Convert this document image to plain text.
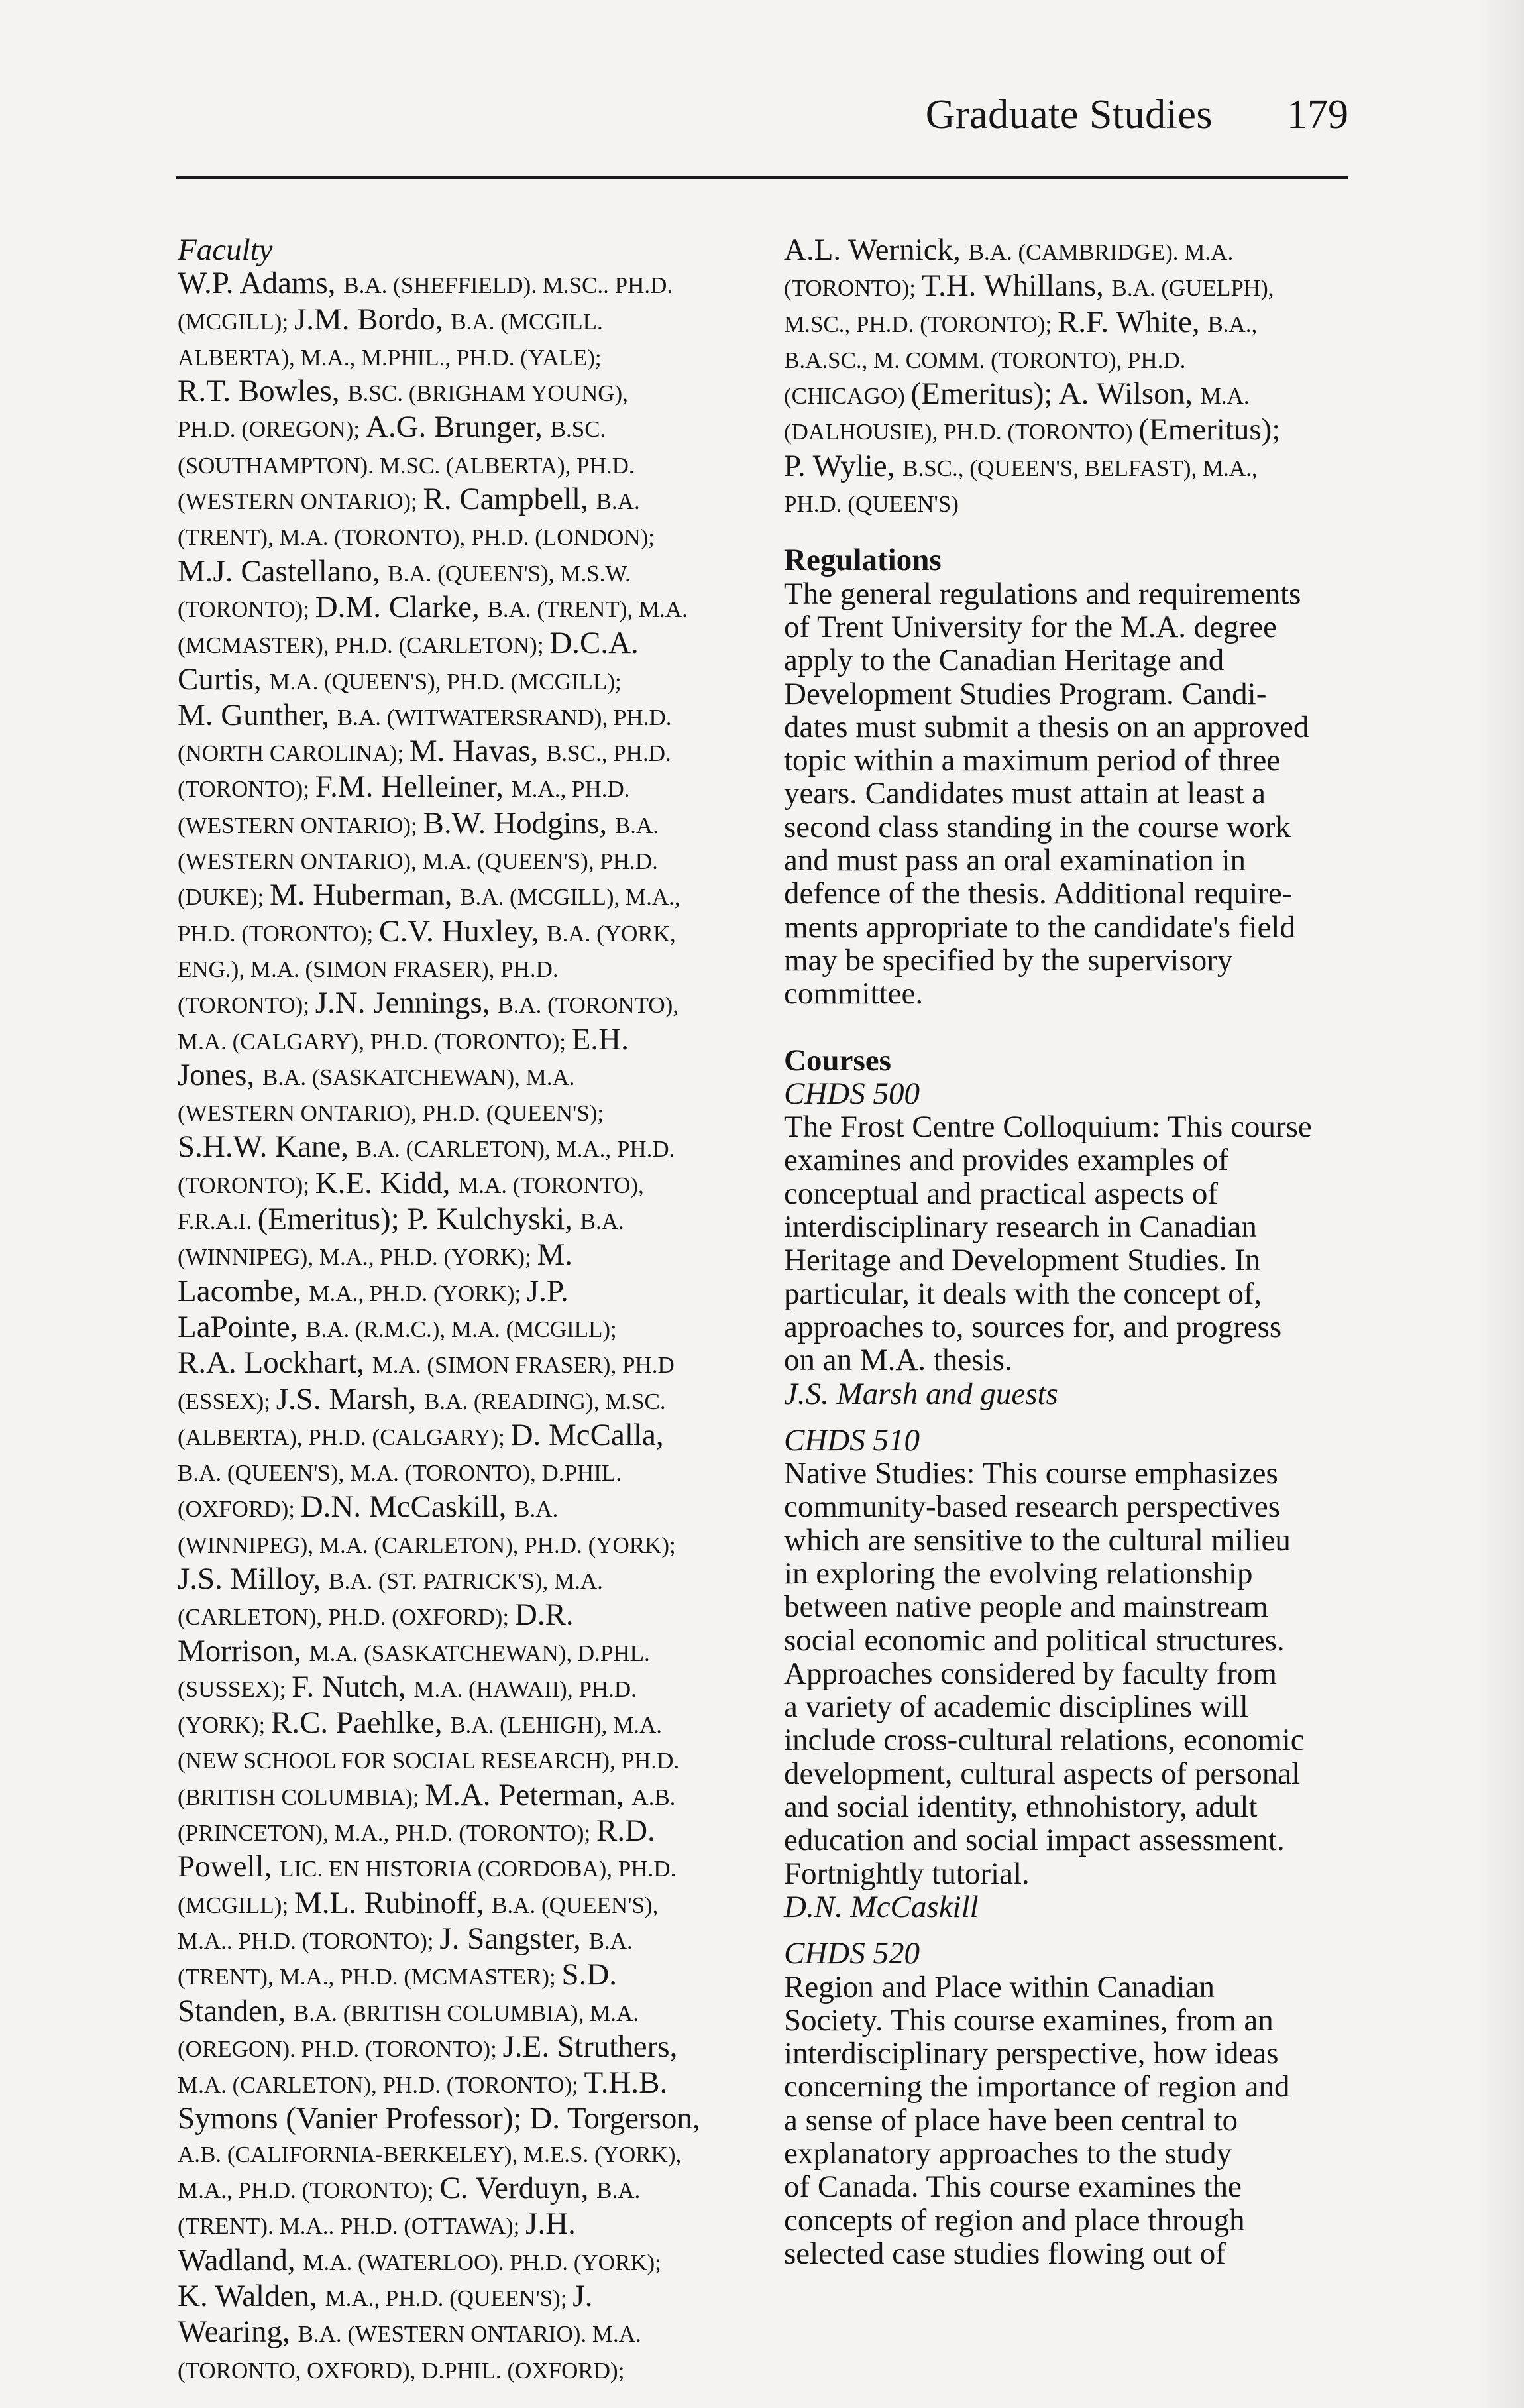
Graduate Studies 179

Faculty

W.P. Adams, B.A. (SHEFFIELD). M.SC.. PH.D.

(MCGILL); J.M. Bordo, B.A. (MCGILL.

ALBERTA), M.A., M.PHIL., PH.D. (YALE);

R.T. Bowles, B.SC. (BRIGHAM YOUNG),

PH.D. (OREGON); A.G. Brunger, B.SC.

(SOUTHAMPTON). M.SC. (ALBERTA), PH.D.

(WESTERN ONTARIO); R. Campbell, B.A.

(TRENT), M.A. (TORONTO), PH.D. (LONDON);

M.J. Castellano, B.A. (QUEEN'S), M.S.W.

(TORONTO); D.M. Clarke, B.A. (TRENT), M.A.

(MCMASTER), PH.D. (CARLETON); D.C.A.

Curtis, M.A. (QUEEN'S), PH.D. (MCGILL);

M. Gunther, B.A. (WITWATERSRAND), PH.D.

(NORTH CAROLINA); M. Havas, B.SC., PH.D.

(TORONTO); F.M. Helleiner, M.A., PH.D.

(WESTERN ONTARIO); B.W. Hodgins, B.A.

(WESTERN ONTARIO), M.A. (QUEEN'S), PH.D.

(DUKE); M. Huberman, B.A. (MCGILL), M.A.,

PH.D. (TORONTO); C.V. Huxley, B.A. (YORK,

ENG.), M.A. (SIMON FRASER), PH.D.

(TORONTO); J.N. Jennings, B.A. (TORONTO),

M.A. (CALGARY), PH.D. (TORONTO); E.H.

Jones, B.A. (SASKATCHEWAN), M.A.

(WESTERN ONTARIO), PH.D. (QUEEN'S);

S.H.W. Kane, B.A. (CARLETON), M.A., PH.D.

(TORONTO); K.E. Kidd, M.A. (TORONTO),

F.R.A.I. (Emeritus); P. Kulchyski, B.A.

(WINNIPEG), M.A., PH.D. (YORK); M.

Lacombe, M.A., PH.D. (YORK); J.P.

LaPointe, B.A. (R.M.C.), M.A. (MCGILL);

R.A. Lockhart, M.A. (SIMON FRASER), PH.D

(ESSEX); J.S. Marsh, B.A. (READING), M.SC.

(ALBERTA), PH.D. (CALGARY); D. McCalla,

B.A. (QUEEN'S), M.A. (TORONTO), D.PHIL.

(OXFORD); D.N. McCaskill, B.A.

(WINNIPEG), M.A. (CARLETON), PH.D. (YORK);

J.S. Milloy, B.A. (ST. PATRICK'S), M.A.

(CARLETON), PH.D. (OXFORD); D.R.

Morrison, M.A. (SASKATCHEWAN), D.PHL.

(SUSSEX); F. Nutch, M.A. (HAWAII), PH.D.

(YORK); R.C. Paehlke, B.A. (LEHIGH), M.A.

(NEW SCHOOL FOR SOCIAL RESEARCH), PH.D.

(BRITISH COLUMBIA); M.A. Peterman, A.B.

(PRINCETON), M.A., PH.D. (TORONTO); R.D.

Powell, LIC. EN HISTORIA (CORDOBA), PH.D.

(MCGILL); M.L. Rubinoff, B.A. (QUEEN'S),

M.A.. PH.D. (TORONTO); J. Sangster, B.A.

(TRENT), M.A., PH.D. (MCMASTER); S.D.

Standen, B.A. (BRITISH COLUMBIA), M.A.

(OREGON). PH.D. (TORONTO); J.E. Struthers,

M.A. (CARLETON), PH.D. (TORONTO); T.H.B.

Symons (Vanier Professor); D. Torgerson,

A.B. (CALIFORNIA-BERKELEY), M.E.S. (YORK),

M.A., PH.D. (TORONTO); C. Verduyn, B.A.

(TRENT). M.A.. PH.D. (OTTAWA); J.H.

Wadland, M.A. (WATERLOO). PH.D. (YORK);

K. Walden, M.A., PH.D. (QUEEN'S); J.

Wearing, B.A. (WESTERN ONTARIO). M.A.

(TORONTO, OXFORD), D.PHIL. (OXFORD);

A.L. Wernick, B.A. (CAMBRIDGE). M.A.

(TORONTO); T.H. Whillans, B.A. (GUELPH),

M.SC., PH.D. (TORONTO); R.F. White, B.A.,

B.A.SC., M. COMM. (TORONTO), PH.D.

(CHICAGO) (Emeritus); A. Wilson, M.A.

(DALHOUSIE), PH.D. (TORONTO) (Emeritus);

P. Wylie, B.SC., (QUEEN'S, BELFAST), M.A.,

PH.D. (QUEEN'S)

Regulations

The general regulations and requirements

of Trent University for the M.A. degree

apply to the Canadian Heritage and

Development Studies Program. Candi-

dates must submit a thesis on an approved

topic within a maximum period of three

years. Candidates must attain at least a

second class standing in the course work

and must pass an oral examination in

defence of the thesis. Additional require-

ments appropriate to the candidate's field

may be specified by the supervisory

committee.

Courses

CHDS 500

The Frost Centre Colloquium: This course

examines and provides examples of

conceptual and practical aspects of

interdisciplinary research in Canadian

Heritage and Development Studies. In

particular, it deals with the concept of,

approaches to, sources for, and progress

on an M.A. thesis.

J.S. Marsh and guests

CHDS 510

Native Studies: This course emphasizes

community-based research perspectives

which are sensitive to the cultural milieu

in exploring the evolving relationship

between native people and mainstream

social economic and political structures.

Approaches considered by faculty from

a variety of academic disciplines will

include cross-cultural relations, economic

development, cultural aspects of personal

and social identity, ethnohistory, adult

education and social impact assessment.

Fortnightly tutorial.

D.N. McCaskill

CHDS 520

Region and Place within Canadian

Society. This course examines, from an

interdisciplinary perspective, how ideas

concerning the importance of region and

a sense of place have been central to

explanatory approaches to the study

of Canada. This course examines the

concepts of region and place through

selected case studies flowing out of
